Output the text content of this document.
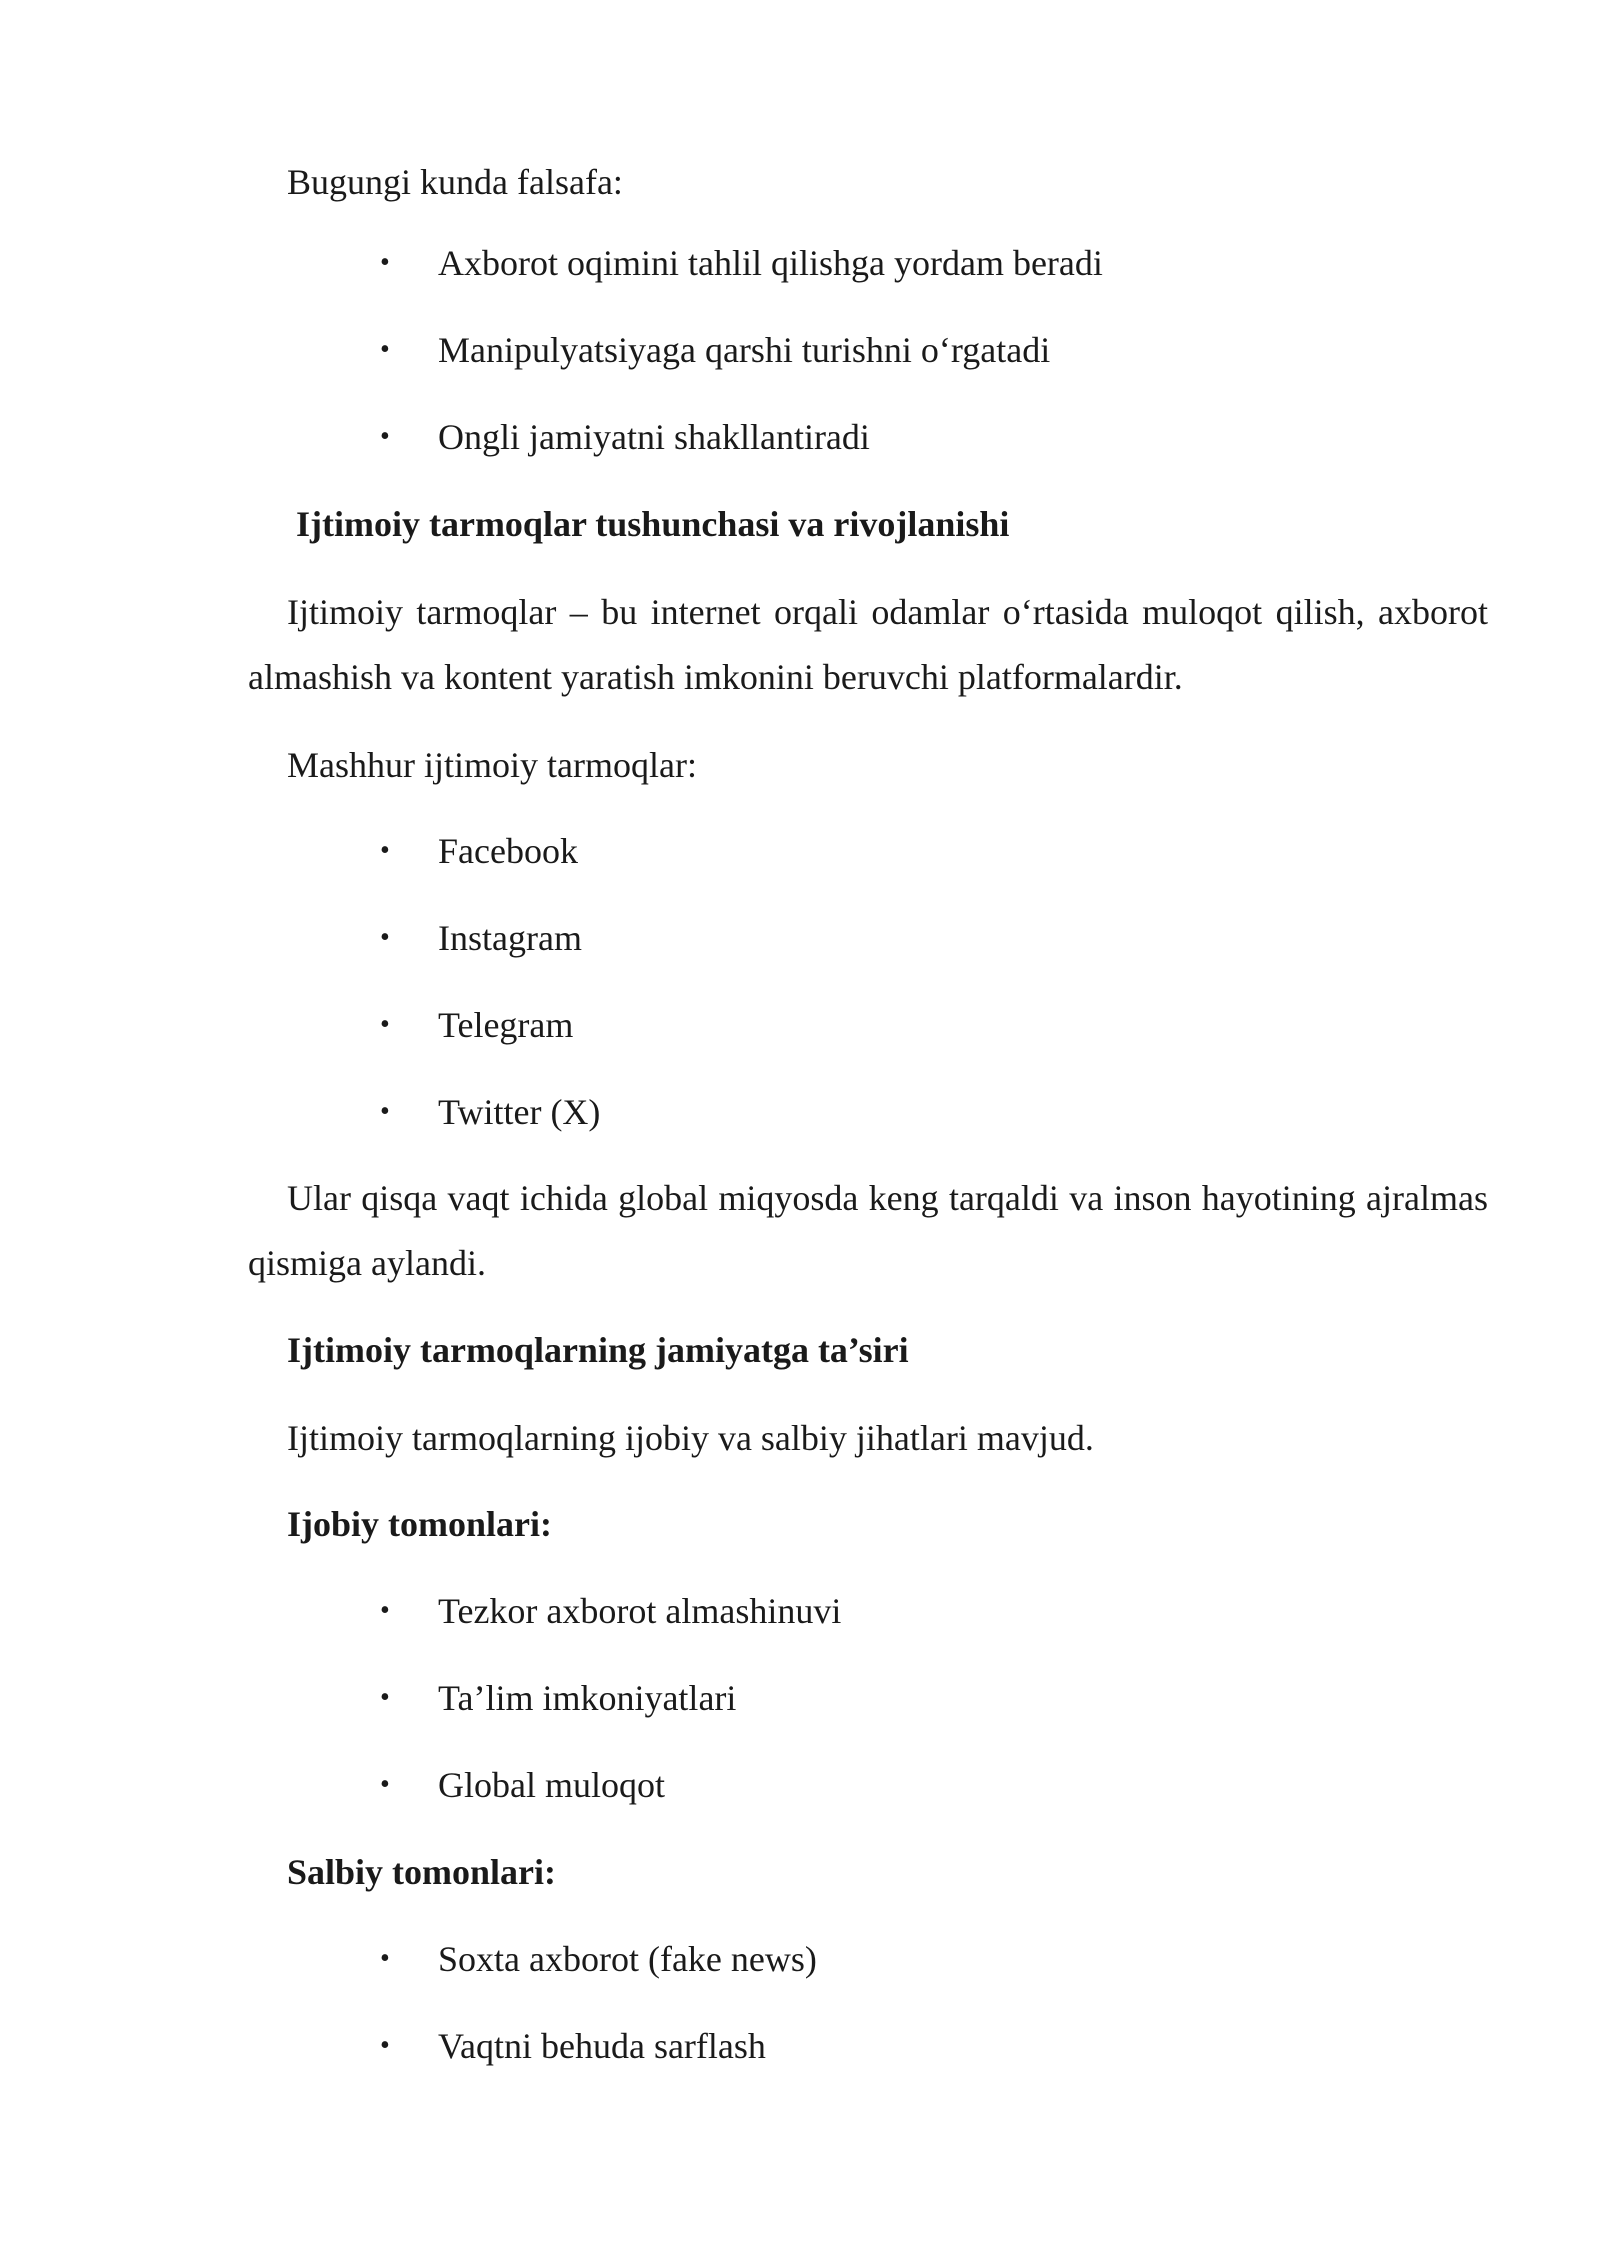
Bugungi kunda falsafa:

• Axborot oqimini tahlil qilishga yordam beradi
• Manipulyatsiyaga qarshi turishni o‘rgatadi
• Ongli jamiyatni shakllantiradi
Ijtimoiy tarmoqlar tushunchasi va rivojlanishi

Ijtimoiy tarmoqlar – bu internet orqali odamlar o‘rtasida muloqot qilish, axborot almashish va kontent yaratish imkonini beruvchi platformalardir.

Mashhur ijtimoiy tarmoqlar:

• Facebook
• Instagram
• Telegram
• Twitter (X)

Ular qisqa vaqt ichida global miqyosda keng tarqaldi va inson hayotining ajralmas qismiga aylandi.

Ijtimoiy tarmoqlarning jamiyatga ta’siri

Ijtimoiy tarmoqlarning ijobiy va salbiy jihatlari mavjud.

Ijobiy tomonlari:
• Tezkor axborot almashinuvi
• Ta’lim imkoniyatlari
• Global muloqot
Salbiy tomonlari:
• Soxta axborot (fake news)
• Vaqtni behuda sarflash
